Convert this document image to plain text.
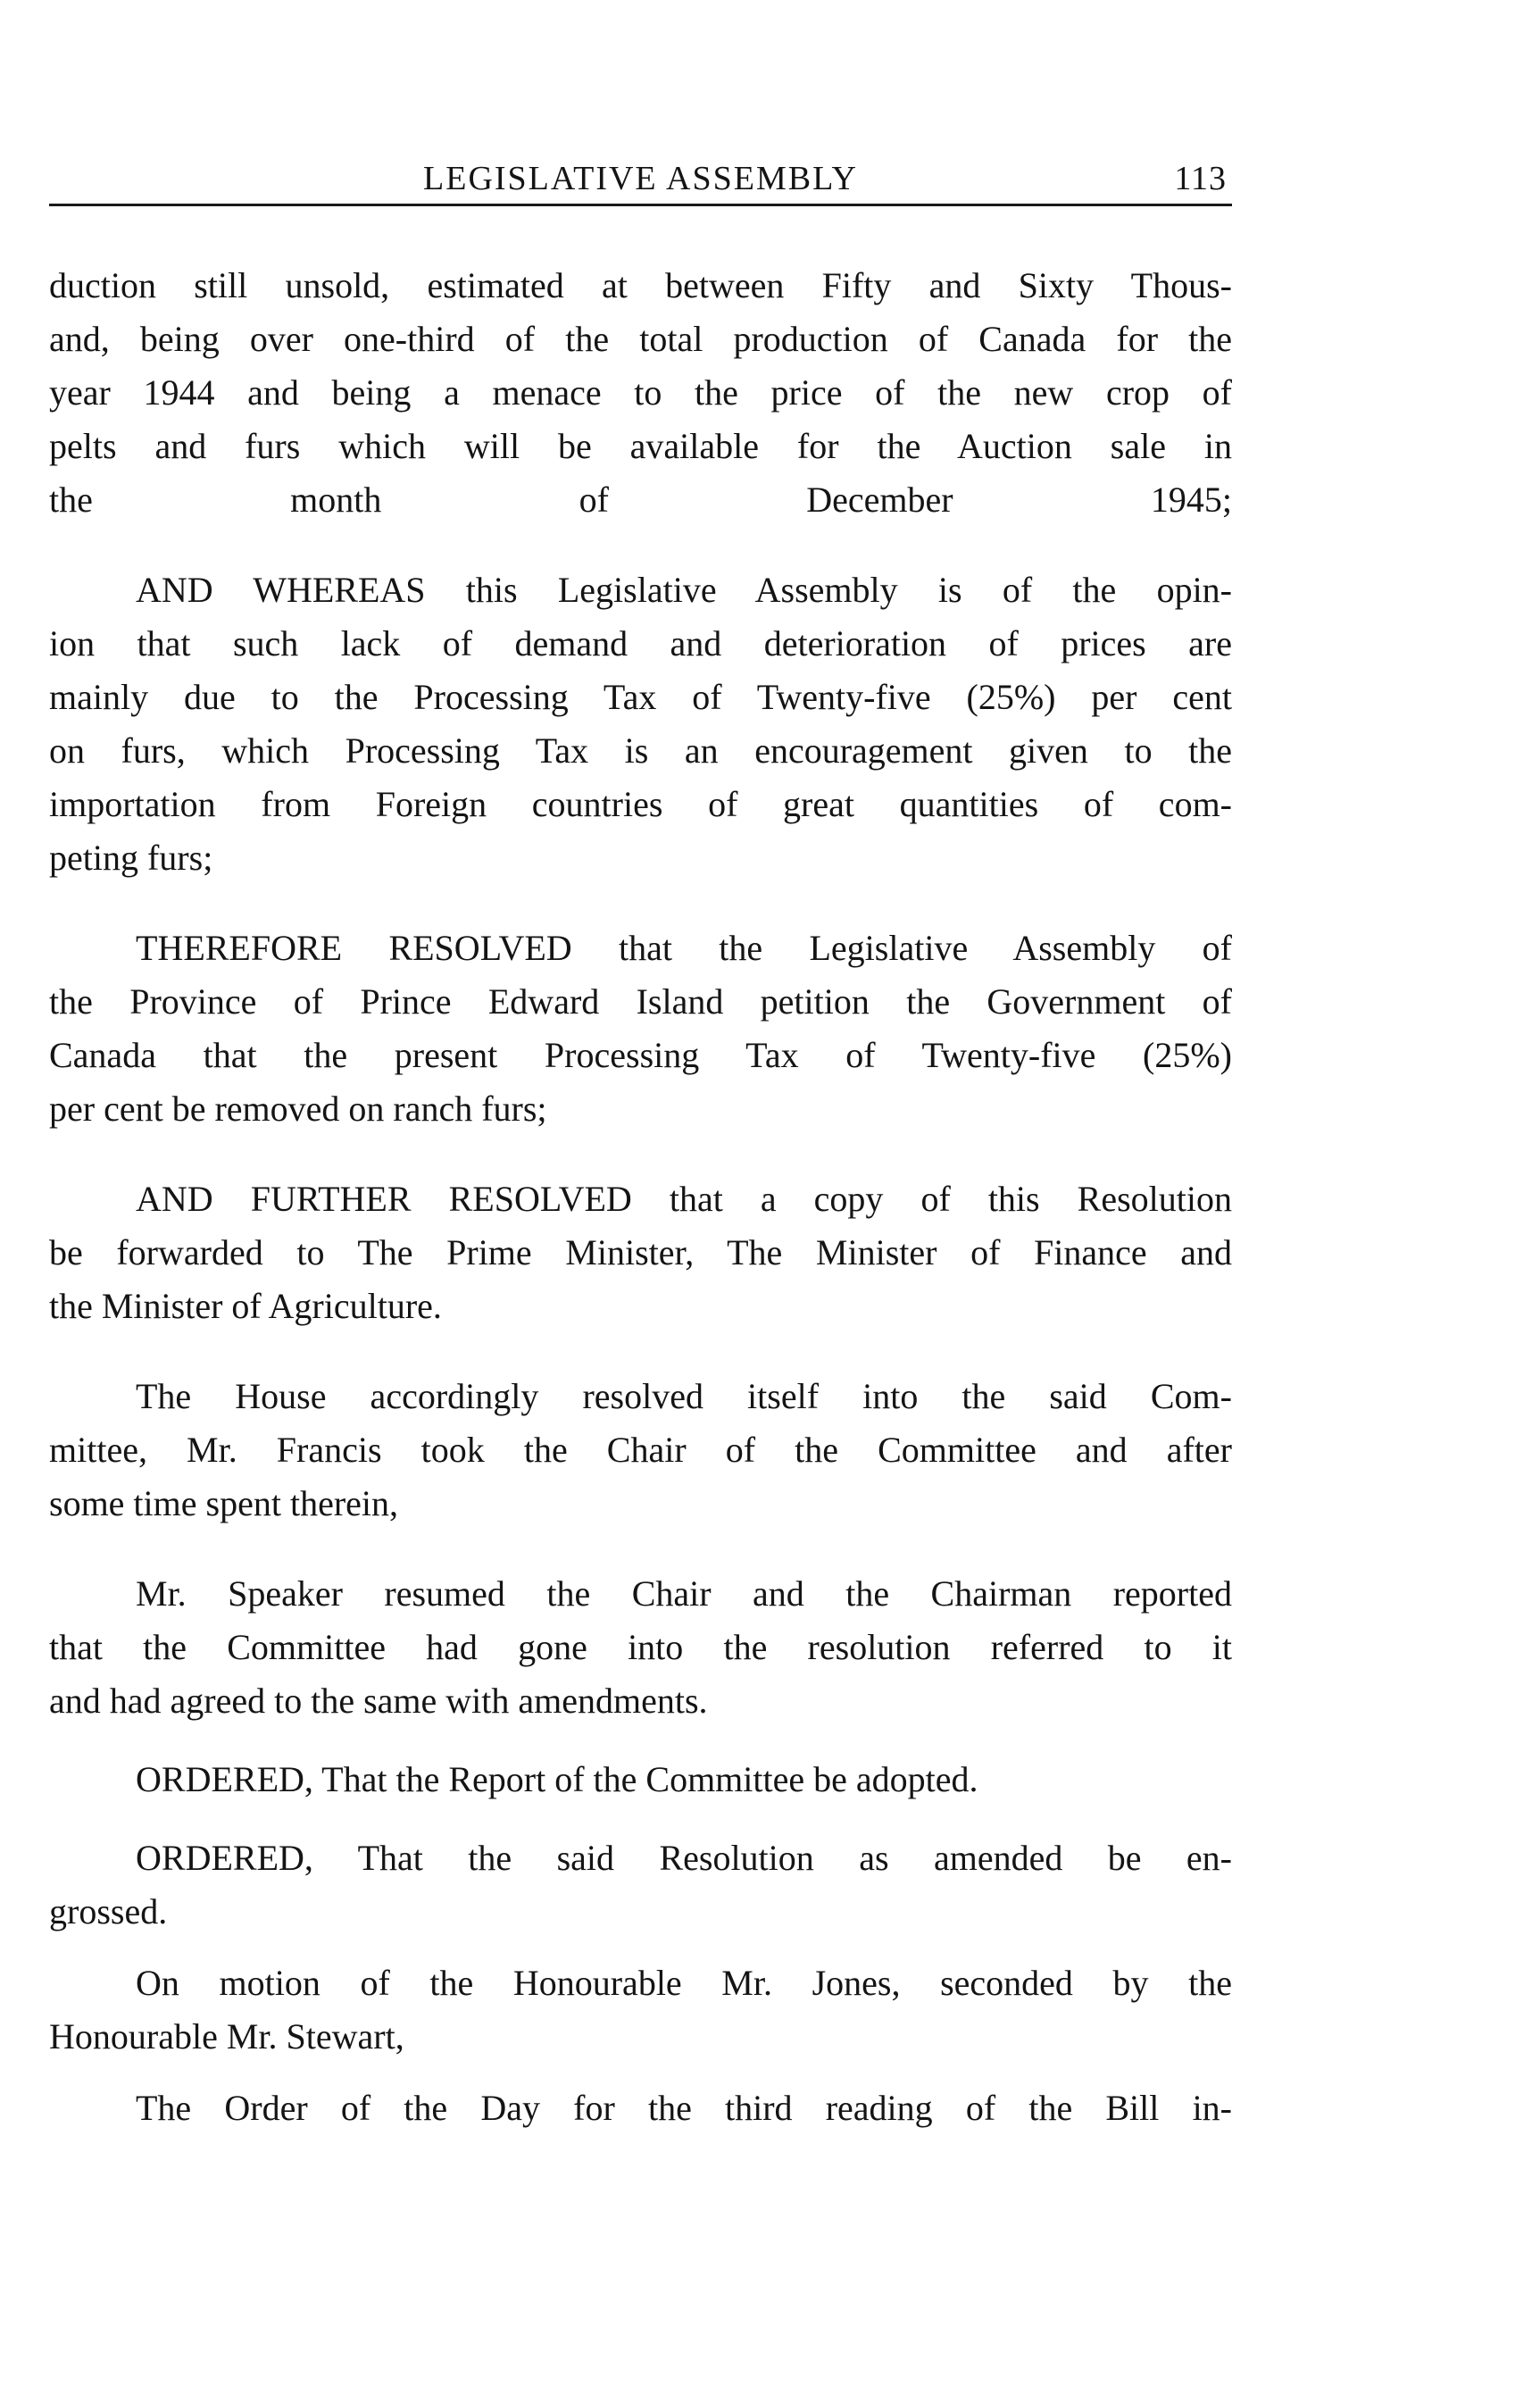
LEGISLATIVE ASSEMBLY	113

duction still unsold, estimated at between Fifty and Sixty Thous-
and, being over one-third of the total production of Canada for the
year 1944 and being a menace to the price of the new crop of
pelts and furs which will be available for the Auction sale in
the month of December 1945;

AND WHEREAS this Legislative Assembly is of the opin-
ion that such lack of demand and deterioration of prices are
mainly due to the Processing Tax of Twenty-five (25%) per cent
on furs, which Processing Tax is an encouragement given to the
importation from Foreign countries of great quantities of com-
peting furs;

THEREFORE RESOLVED that the Legislative Assembly of
the Province of Prince Edward Island petition the Government of
Canada that the present Processing Tax of Twenty-five (25%)
per cent be removed on ranch furs;

AND FURTHER RESOLVED that a copy of this Resolution
be forwarded to The Prime Minister, The Minister of Finance and
the Minister of Agriculture.

The House accordingly resolved itself into the said Com-
mittee, Mr. Francis took the Chair of the Committee and after
some time spent therein,

Mr. Speaker resumed the Chair and the Chairman reported
that the Committee had gone into the resolution referred to it
and had agreed to the same with amendments.

ORDERED, That the Report of the Committee be adopted.

ORDERED, That the said Resolution as amended be en-
grossed.

On motion of the Honourable Mr. Jones, seconded by the
Honourable Mr. Stewart,

The Order of the Day for the third reading of the Bill in-
